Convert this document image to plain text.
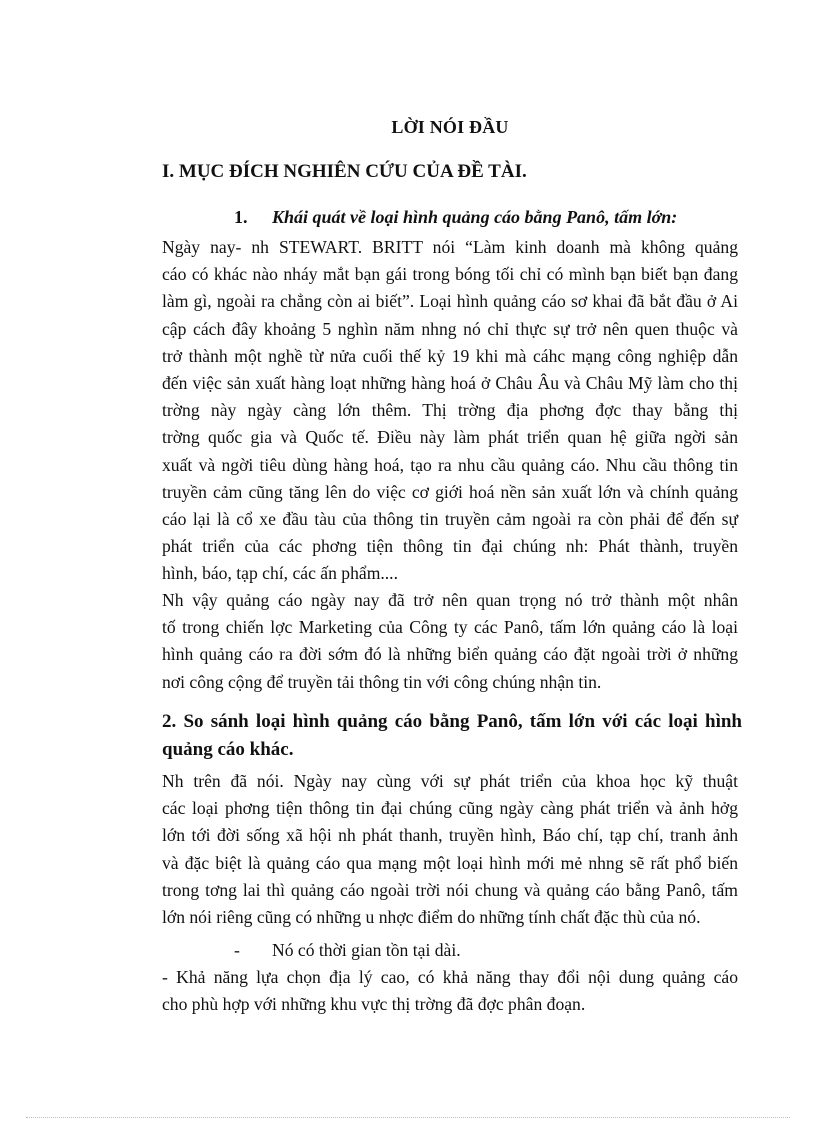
LỜI NÓI ĐẦU
I. MỤC ĐÍCH NGHIÊN CỨU CỦA ĐỀ TÀI.
1. Khái quát về loại hình quảng cáo bằng Panô, tấm lớn:
Ngày nay- nh STEWART. BRITT nói “Làm kinh doanh mà không quảng
cáo có khác nào nháy mắt bạn gái trong bóng tối chỉ có mình bạn biết bạn đang
làm gì, ngoài ra chẳng còn ai biết”. Loại hình quảng cáo sơ khai đã bắt đầu ở Ai
cập cách đây khoảng 5 nghìn năm nhng nó chỉ thực sự trở nên quen thuộc và
trở thành một nghề từ nửa cuối thế kỷ 19 khi mà cáhc mạng công nghiệp dẫn
đến việc sản xuất hàng loạt những hàng hoá ở Châu Âu và Châu Mỹ làm cho thị
trờng này ngày càng lớn thêm. Thị trờng địa phơng đợc thay bằng thị
trờng quốc gia và Quốc tế. Điều này làm phát triển quan hệ giữa ngời sản
xuất và ngời tiêu dùng hàng hoá, tạo ra nhu cầu quảng cáo. Nhu cầu thông tin
truyền cảm cũng tăng lên do việc cơ giới hoá nền sản xuất lớn và chính quảng
cáo lại là cổ xe đầu tàu của thông tin truyền cảm ngoài ra còn phải để đến sự
phát triển của các phơng tiện thông tin đại chúng nh: Phát thành, truyền
hình, báo, tạp chí, các ấn phẩm....
Nh vậy quảng cáo ngày nay đã trở nên quan trọng nó trở thành một nhân
tố trong chiến lợc Marketing của Công ty các Panô, tấm lớn quảng cáo là loại
hình quảng cáo ra đời sớm đó là những biển quảng cáo đặt ngoài trời ở những
nơi công cộng để truyền tải thông tin với công chúng nhận tin.
2. So sánh loại hình quảng cáo bằng Panô, tấm lớn với các loại hình
quảng cáo khác.
Nh trên đã nói. Ngày nay cùng với sự phát triển của khoa học kỹ thuật
các loại phơng tiện thông tin đại chúng cũng ngày càng phát triển và ảnh hởg
lớn tới đời sống xã hội nh phát thanh, truyền hình, Báo chí, tạp chí, tranh ảnh
và đặc biệt là quảng cáo qua mạng một loại hình mới mẻ nhng sẽ rất phổ biến
trong tơng lai thì quảng cáo ngoài trời nói chung và quảng cáo bằng Panô, tấm
lớn nói riêng cũng có những u nhợc điểm do những tính chất đặc thù của nó.
- Nó có thời gian tồn tại dài.
- Khả năng lựa chọn địa lý cao, có khả năng thay đổi nội dung quảng cáo
cho phù hợp với những khu vực thị trờng đã đợc phân đoạn.
